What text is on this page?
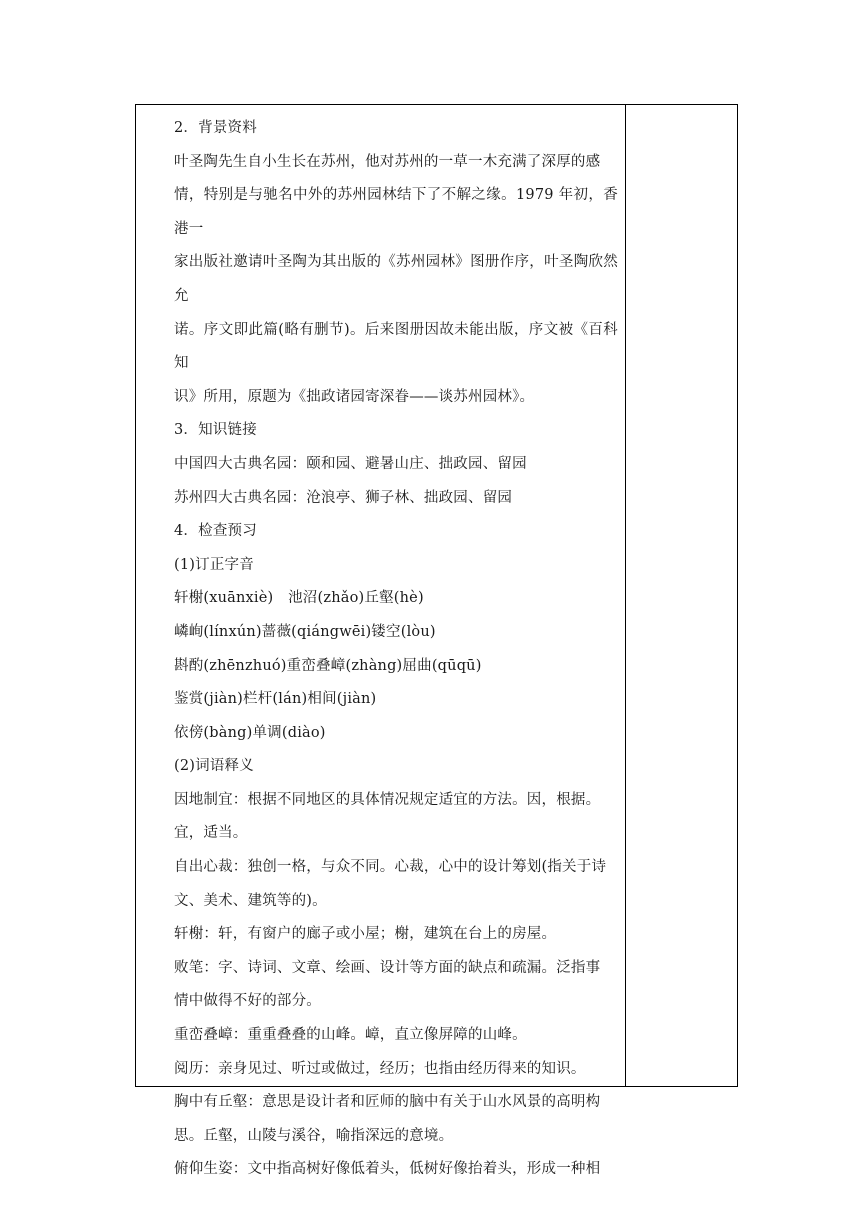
2．背景资料

叶圣陶先生自小生长在苏州，他对苏州的一草一木充满了深厚的感

情，特别是与驰名中外的苏州园林结下了不解之缘。1979 年初，香港一

家出版社邀请叶圣陶为其出版的《苏州园林》图册作序，叶圣陶欣然允

诺。序文即此篇(略有删节)。后来图册因故未能出版，序文被《百科知

识》所用，原题为《拙政诸园寄深眷——谈苏州园林》。

3．知识链接

中国四大古典名园：颐和园、避暑山庄、拙政园、留园

苏州四大古典名园：沧浪亭、狮子林、拙政园、留园

4．检查预习

(1)订正字音

轩榭(xuānxiè)　池沼(zhǎo)丘壑(hè)

嶙峋(línxún)蔷薇(qiángwēi)镂空(lòu)

斟酌(zhēnzhuó)重峦叠嶂(zhàng)屈曲(qūqū)

鉴赏(jiàn)栏杆(lán)相间(jiàn)

依傍(bàng)单调(diào)

(2)词语释义

因地制宜：根据不同地区的具体情况规定适宜的方法。因，根据。

宜，适当。

自出心裁：独创一格，与众不同。心裁，心中的设计筹划(指关于诗

文、美术、建筑等的)。

轩榭：轩，有窗户的廊子或小屋；榭，建筑在台上的房屋。

败笔：字、诗词、文章、绘画、设计等方面的缺点和疏漏。泛指事

情中做得不好的部分。

重峦叠嶂：重重叠叠的山峰。嶂，直立像屏障的山峰。

阅历：亲身见过、听过或做过，经历；也指由经历得来的知识。

胸中有丘壑：意思是设计者和匠师的脑中有关于山水风景的高明构

思。丘壑，山陵与溪谷，喻指深远的意境。

俯仰生姿：文中指高树好像低着头，低树好像抬着头，形成一种相
